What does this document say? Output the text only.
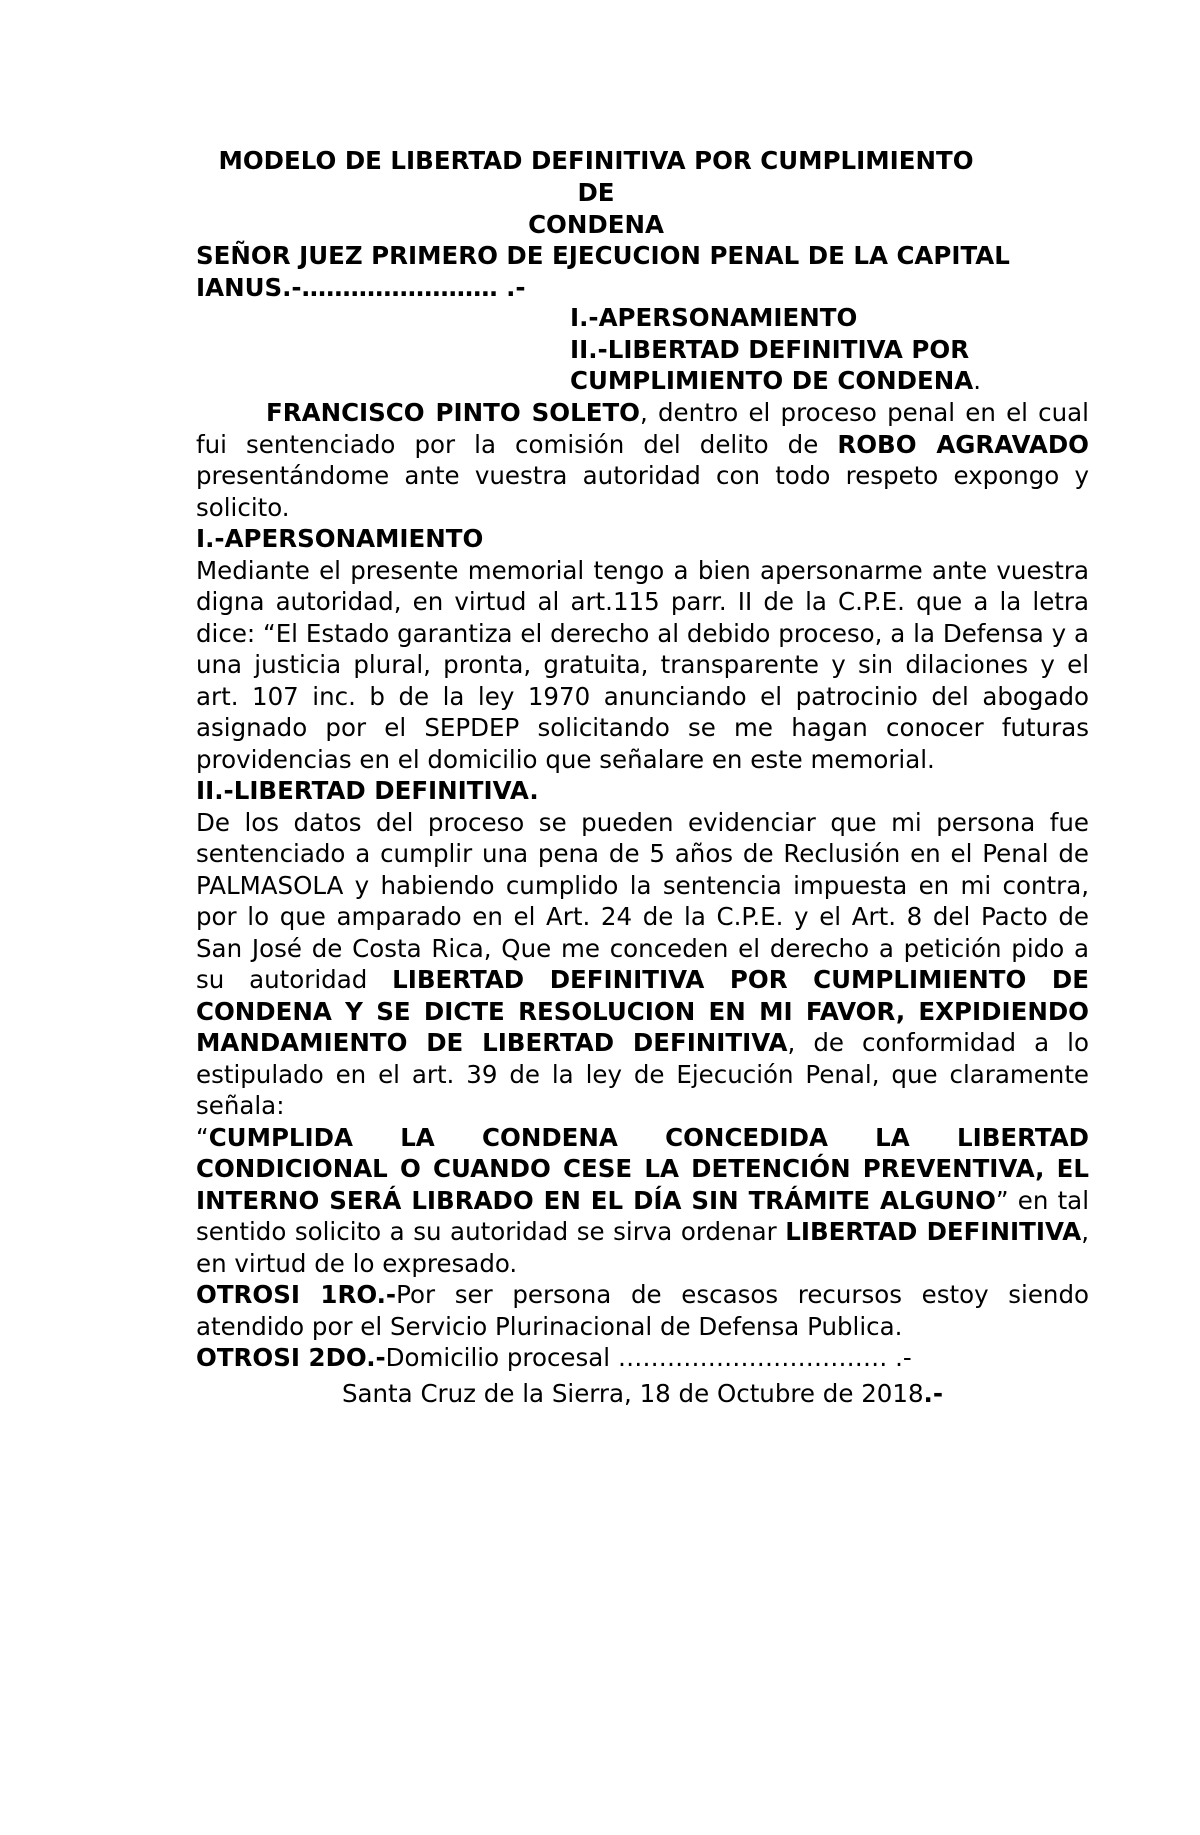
MODELO DE LIBERTAD DEFINITIVA POR CUMPLIMIENTO DE
CONDENA

SEÑOR JUEZ PRIMERO DE EJECUCION PENAL DE LA CAPITAL
IANUS.-…………………… .-

I.-APERSONAMIENTO
II.-LIBERTAD DEFINITIVA POR
CUMPLIMIENTO DE CONDENA.

FRANCISCO PINTO SOLETO, dentro el proceso penal en el cual fui sentenciado por la comisión del delito de ROBO AGRAVADO presentándome ante vuestra autoridad con todo respeto expongo y solicito.

I.-APERSONAMIENTO

Mediante el presente memorial tengo a bien apersonarme ante vuestra digna autoridad, en virtud al art.115 parr. II de la C.P.E. que a la letra dice: “El Estado garantiza el derecho al debido proceso, a la Defensa y a una justicia plural, pronta, gratuita, transparente y sin dilaciones y el art. 107 inc. b de la ley 1970 anunciando el patrocinio del abogado asignado por el SEPDEP solicitando se me hagan conocer futuras providencias en el domicilio que señalare en este memorial.

II.-LIBERTAD DEFINITIVA.

De los datos del proceso se pueden evidenciar que mi persona fue sentenciado a cumplir una pena de 5 años de Reclusión en el Penal de PALMASOLA y habiendo cumplido la sentencia impuesta en mi contra, por lo que amparado en el Art. 24 de la C.P.E. y el Art. 8 del Pacto de San José de Costa Rica, Que me conceden el derecho a petición pido a su autoridad LIBERTAD DEFINITIVA POR CUMPLIMIENTO DE CONDENA Y SE DICTE RESOLUCION EN MI FAVOR, EXPIDIENDO MANDAMIENTO DE LIBERTAD DEFINITIVA, de conformidad a lo estipulado en el art. 39 de la ley de Ejecución Penal, que claramente señala:
“CUMPLIDA LA CONDENA CONCEDIDA LA LIBERTAD CONDICIONAL O CUANDO CESE LA DETENCIÓN PREVENTIVA, EL INTERNO SERÁ LIBRADO EN EL DÍA SIN TRÁMITE ALGUNO” en tal sentido solicito a su autoridad se sirva ordenar LIBERTAD DEFINITIVA, en virtud de lo expresado.

OTROSI 1RO.-Por ser persona de escasos recursos estoy siendo atendido por el Servicio Plurinacional de Defensa Publica.

OTROSI 2DO.-Domicilio procesal …………………………… .-

Santa Cruz de la Sierra, 18 de Octubre de 2018.-
